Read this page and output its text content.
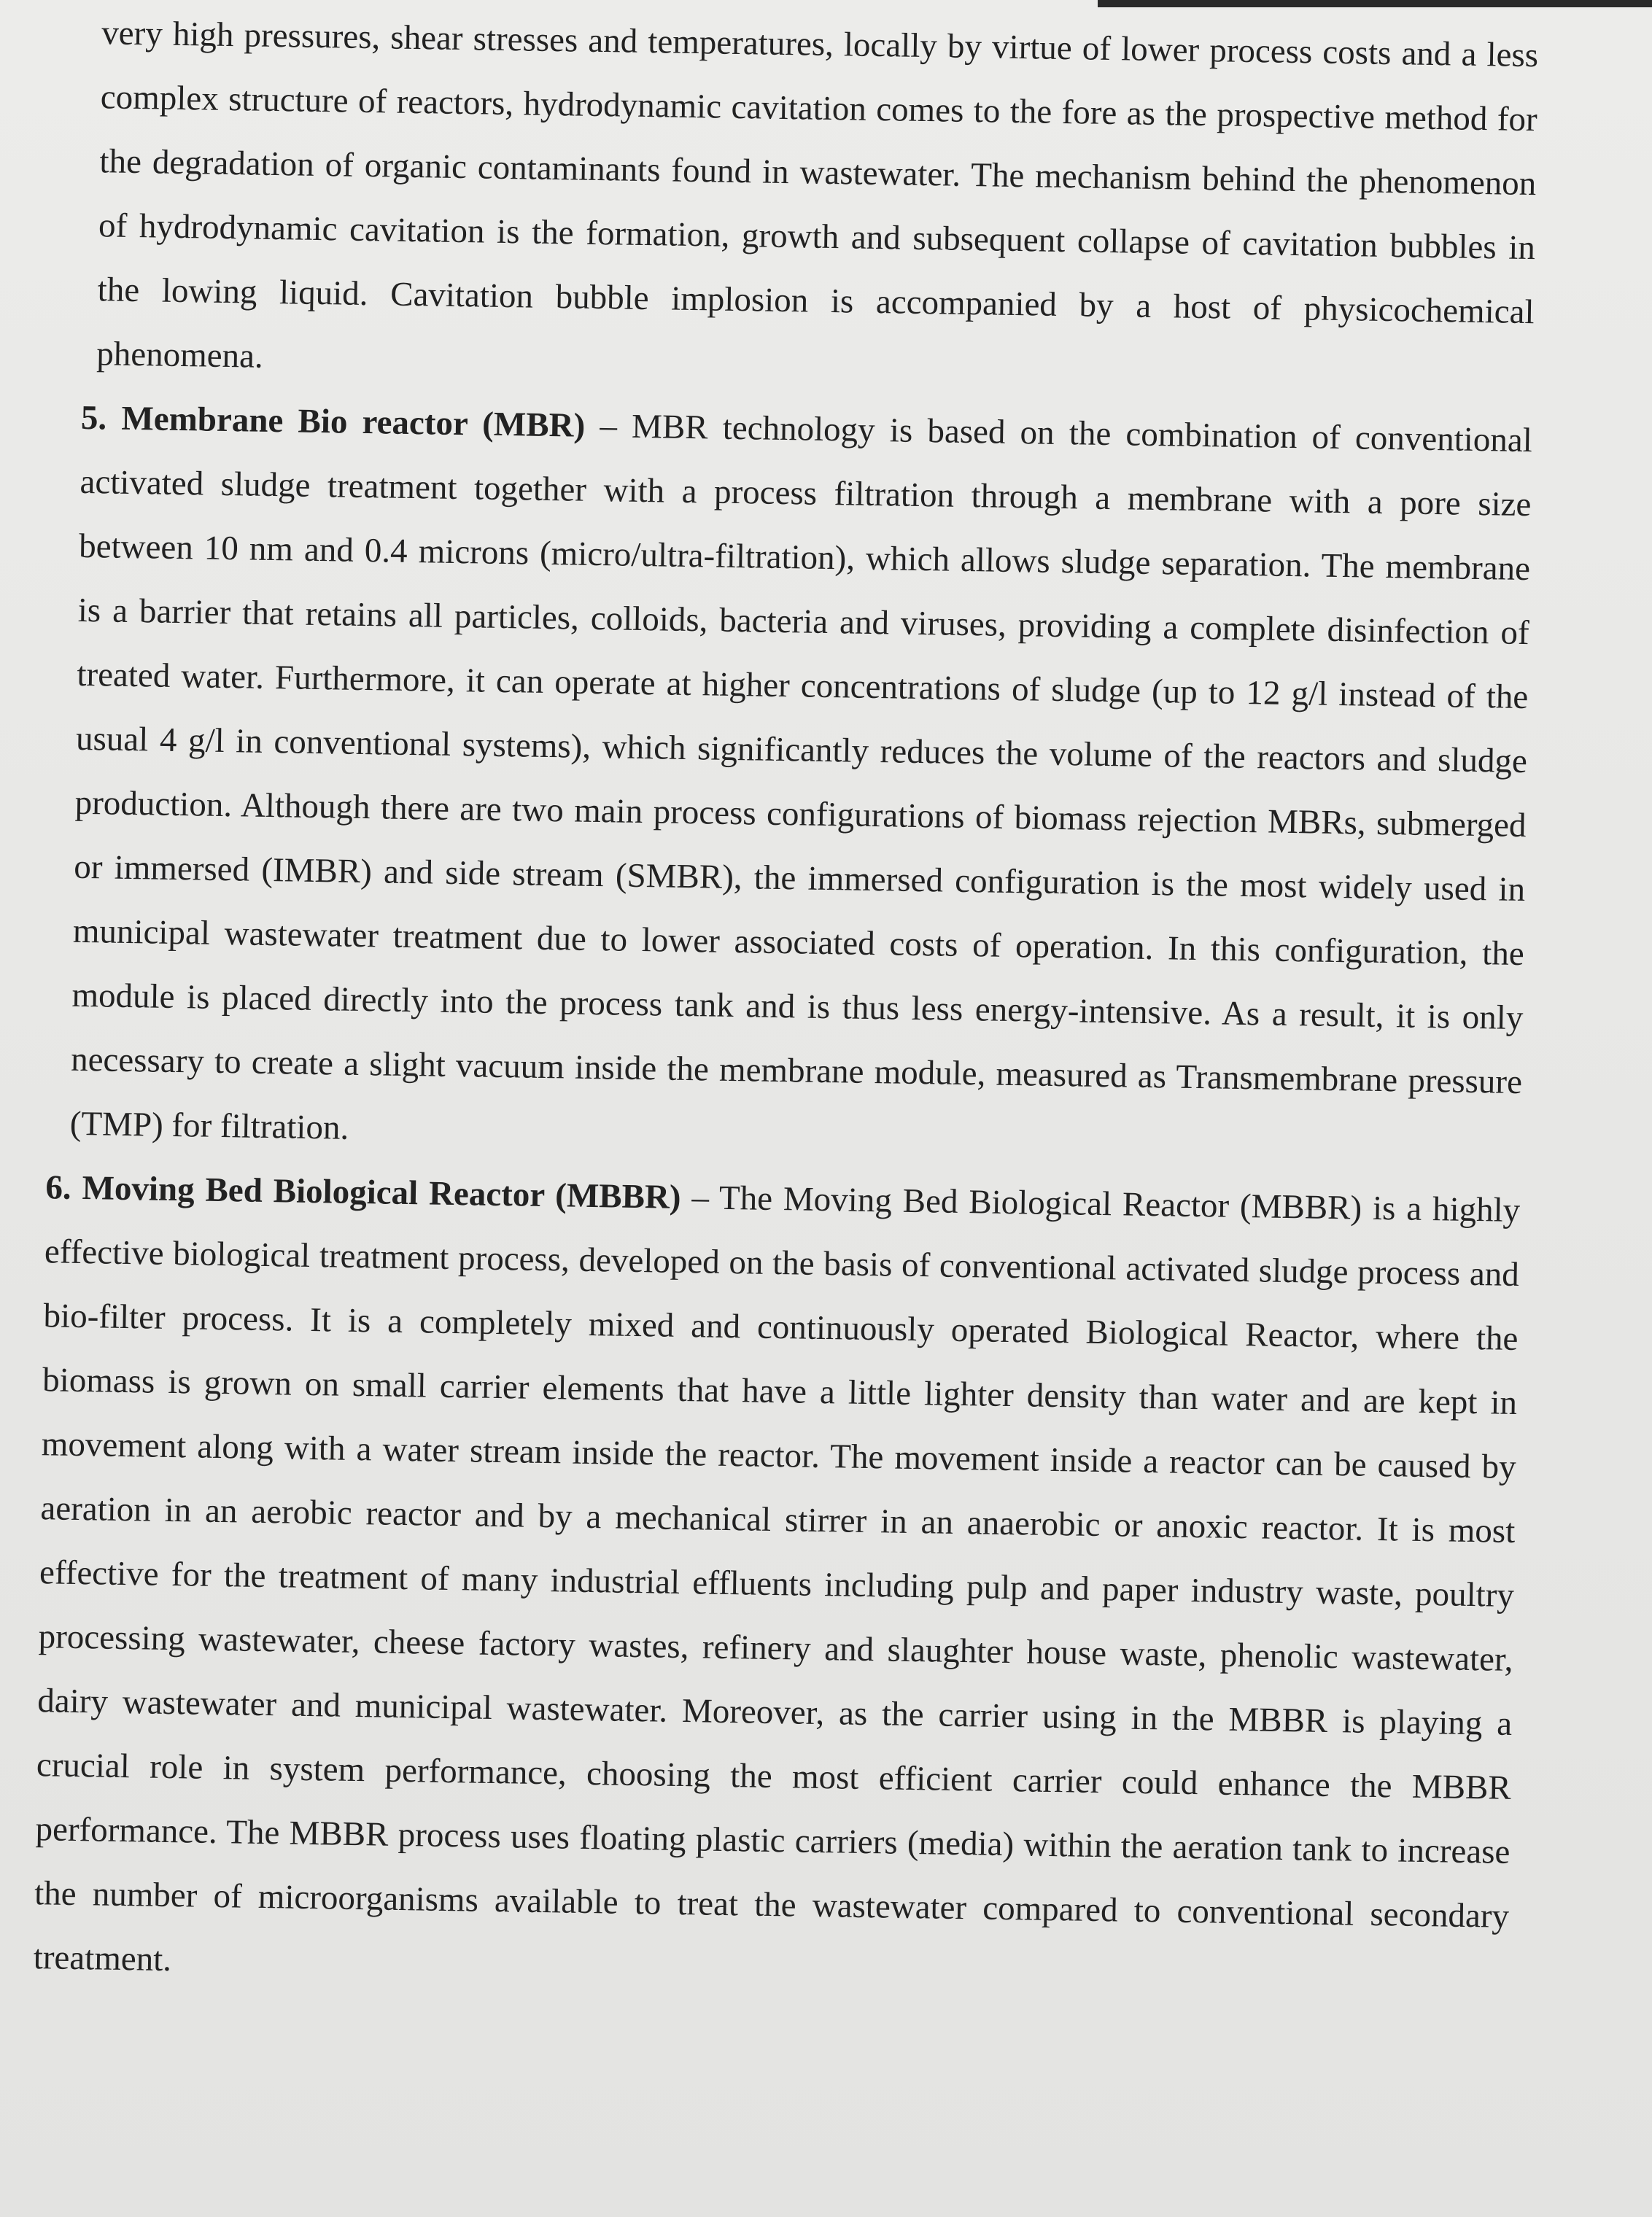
very high pressures, shear stresses and temperatures, locally by virtue of lower process costs and a less complex structure of reactors, hydrodynamic cavitation comes to the fore as the prospective method for the degradation of organic contaminants found in wastewater. The mechanism behind the phenomenon of hydrodynamic cavitation is the formation, growth and subsequent collapse of cavitation bubbles in the lowing liquid. Cavitation bubble implosion is accompanied by a host of physicochemical phenomena.

5. Membrane Bio reactor (MBR) – MBR technology is based on the combination of conventional activated sludge treatment together with a process filtration through a membrane with a pore size between 10 nm and 0.4 microns (micro/ultra-filtration), which allows sludge separation. The membrane is a barrier that retains all particles, colloids, bacteria and viruses, providing a complete disinfection of treated water. Furthermore, it can operate at higher concentrations of sludge (up to 12 g/l instead of the usual 4 g/l in conventional systems), which significantly reduces the volume of the reactors and sludge production. Although there are two main process configurations of biomass rejection MBRs, submerged or immersed (IMBR) and side stream (SMBR), the immersed configuration is the most widely used in municipal wastewater treatment due to lower associated costs of operation. In this configuration, the module is placed directly into the process tank and is thus less energy-intensive. As a result, it is only necessary to create a slight vacuum inside the membrane module, measured as Transmembrane pressure (TMP) for filtration.

6. Moving Bed Biological Reactor (MBBR) – The Moving Bed Biological Reactor (MBBR) is a highly effective biological treatment process, developed on the basis of conventional activated sludge process and bio-filter process. It is a completely mixed and continuously operated Biological Reactor, where the biomass is grown on small carrier elements that have a little lighter density than water and are kept in movement along with a water stream inside the reactor. The movement inside a reactor can be caused by aeration in an aerobic reactor and by a mechanical stirrer in an anaerobic or anoxic reactor. It is most effective for the treatment of many industrial effluents including pulp and paper industry waste, poultry processing wastewater, cheese factory wastes, refinery and slaughter house waste, phenolic wastewater, dairy wastewater and municipal wastewater. Moreover, as the carrier using in the MBBR is playing a crucial role in system performance, choosing the most efficient carrier could enhance the MBBR performance. The MBBR process uses floating plastic carriers (media) within the aeration tank to increase the number of microorganisms available to treat the wastewater compared to conventional secondary treatment.
